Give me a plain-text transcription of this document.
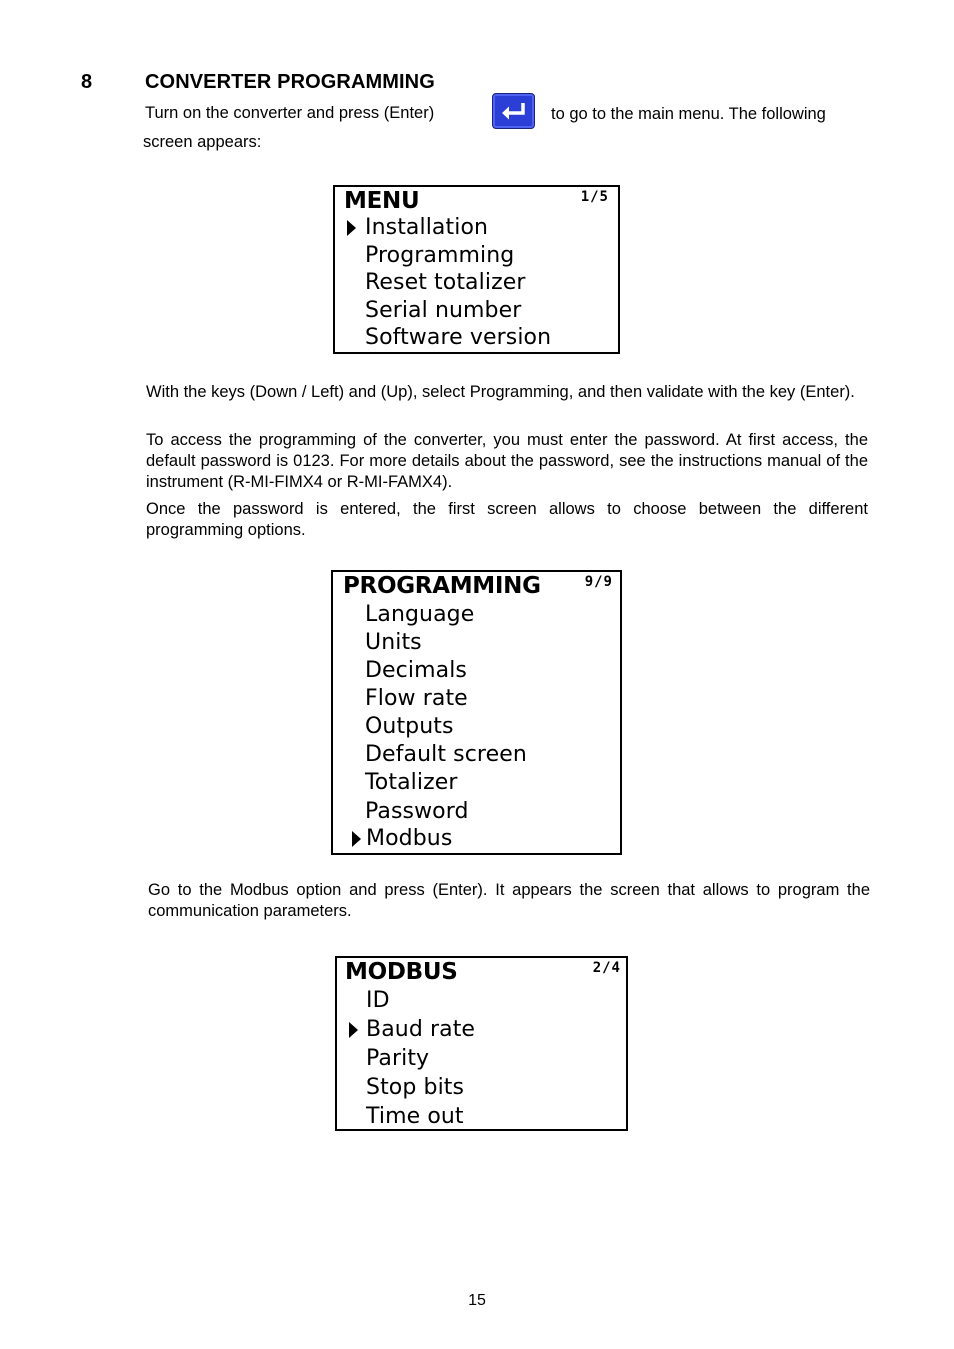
8	CONVERTER PROGRAMMING
Turn on the converter and press (Enter)	to go to the main menu. The following
screen appears:
MENU	1/5
Installation
Programming
Reset totalizer
Serial number
Software version
With the keys (Down / Left) and (Up), select Programming, and then validate with the key (Enter).
To access the programming of the converter, you must enter the password. At first access, the default password is 0123. For more details about the password, see the instructions manual of the instrument (R-MI-FIMX4 or R-MI-FAMX4).
Once the password is entered, the first screen allows to choose between the different programming options.
PROGRAMMING	9/9
Language
Units
Decimals
Flow rate
Outputs
Default screen
Totalizer
Password
Modbus
Go to the Modbus option and press (Enter). It appears the screen that allows to program the communication parameters.
MODBUS	2/4
ID
Baud rate
Parity
Stop bits
Time out
15
